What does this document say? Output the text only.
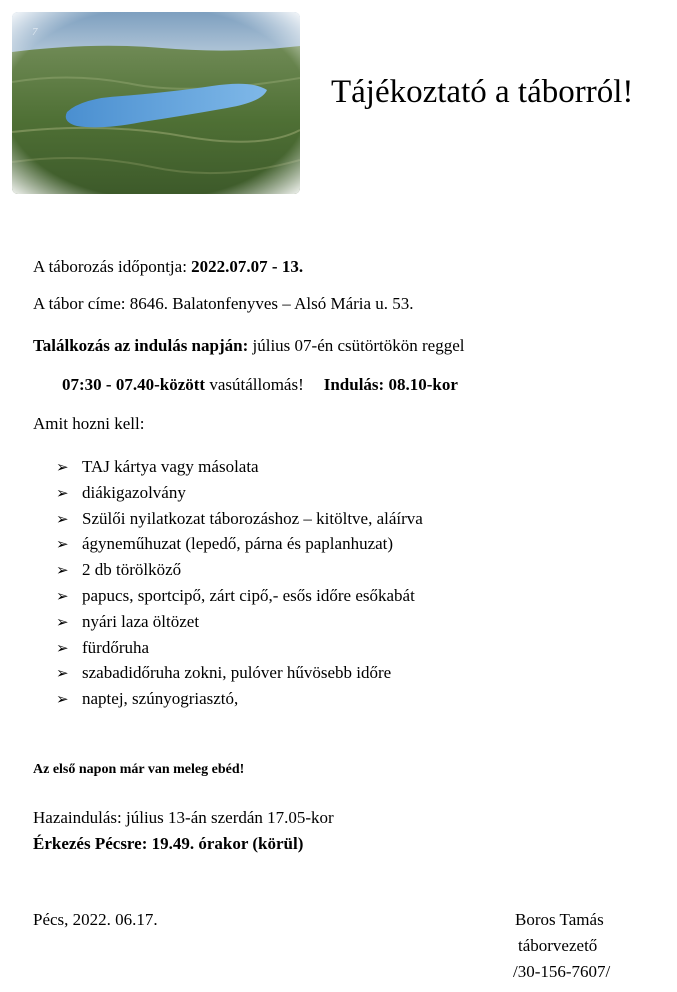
7
Tájékoztató a táborról!
A táborozás időpontja: 2022.07.07 - 13.
A tábor címe: 8646. Balatonfenyves – Alsó Mária u. 53.
Találkozás az indulás napján: július 07-én csütörtökön reggel
07:30 - 07.40-között vasútállomás! Indulás: 08.10-kor
Amit hozni kell:
➢ TAJ kártya vagy másolata
➢ diákigazolvány
➢ Szülői nyilatkozat táborozáshoz – kitöltve, aláírva
➢ ágyneműhuzat (lepedő, párna és paplanhuzat)
➢ 2 db törölköző
➢ papucs, sportcipő, zárt cipő,- esős időre esőkabát
➢ nyári laza öltözet
➢ fürdőruha
➢ szabadidőruha zokni, pulóver hűvösebb időre
➢ naptej, szúnyogriasztó,
Az első napon már van meleg ebéd!
Hazaindulás: július 13-án szerdán 17.05-kor
Érkezés Pécsre: 19.49. órakor (körül)
Pécs, 2022. 06.17.	Boros Tamás
táborvezető
/30-156-7607/
